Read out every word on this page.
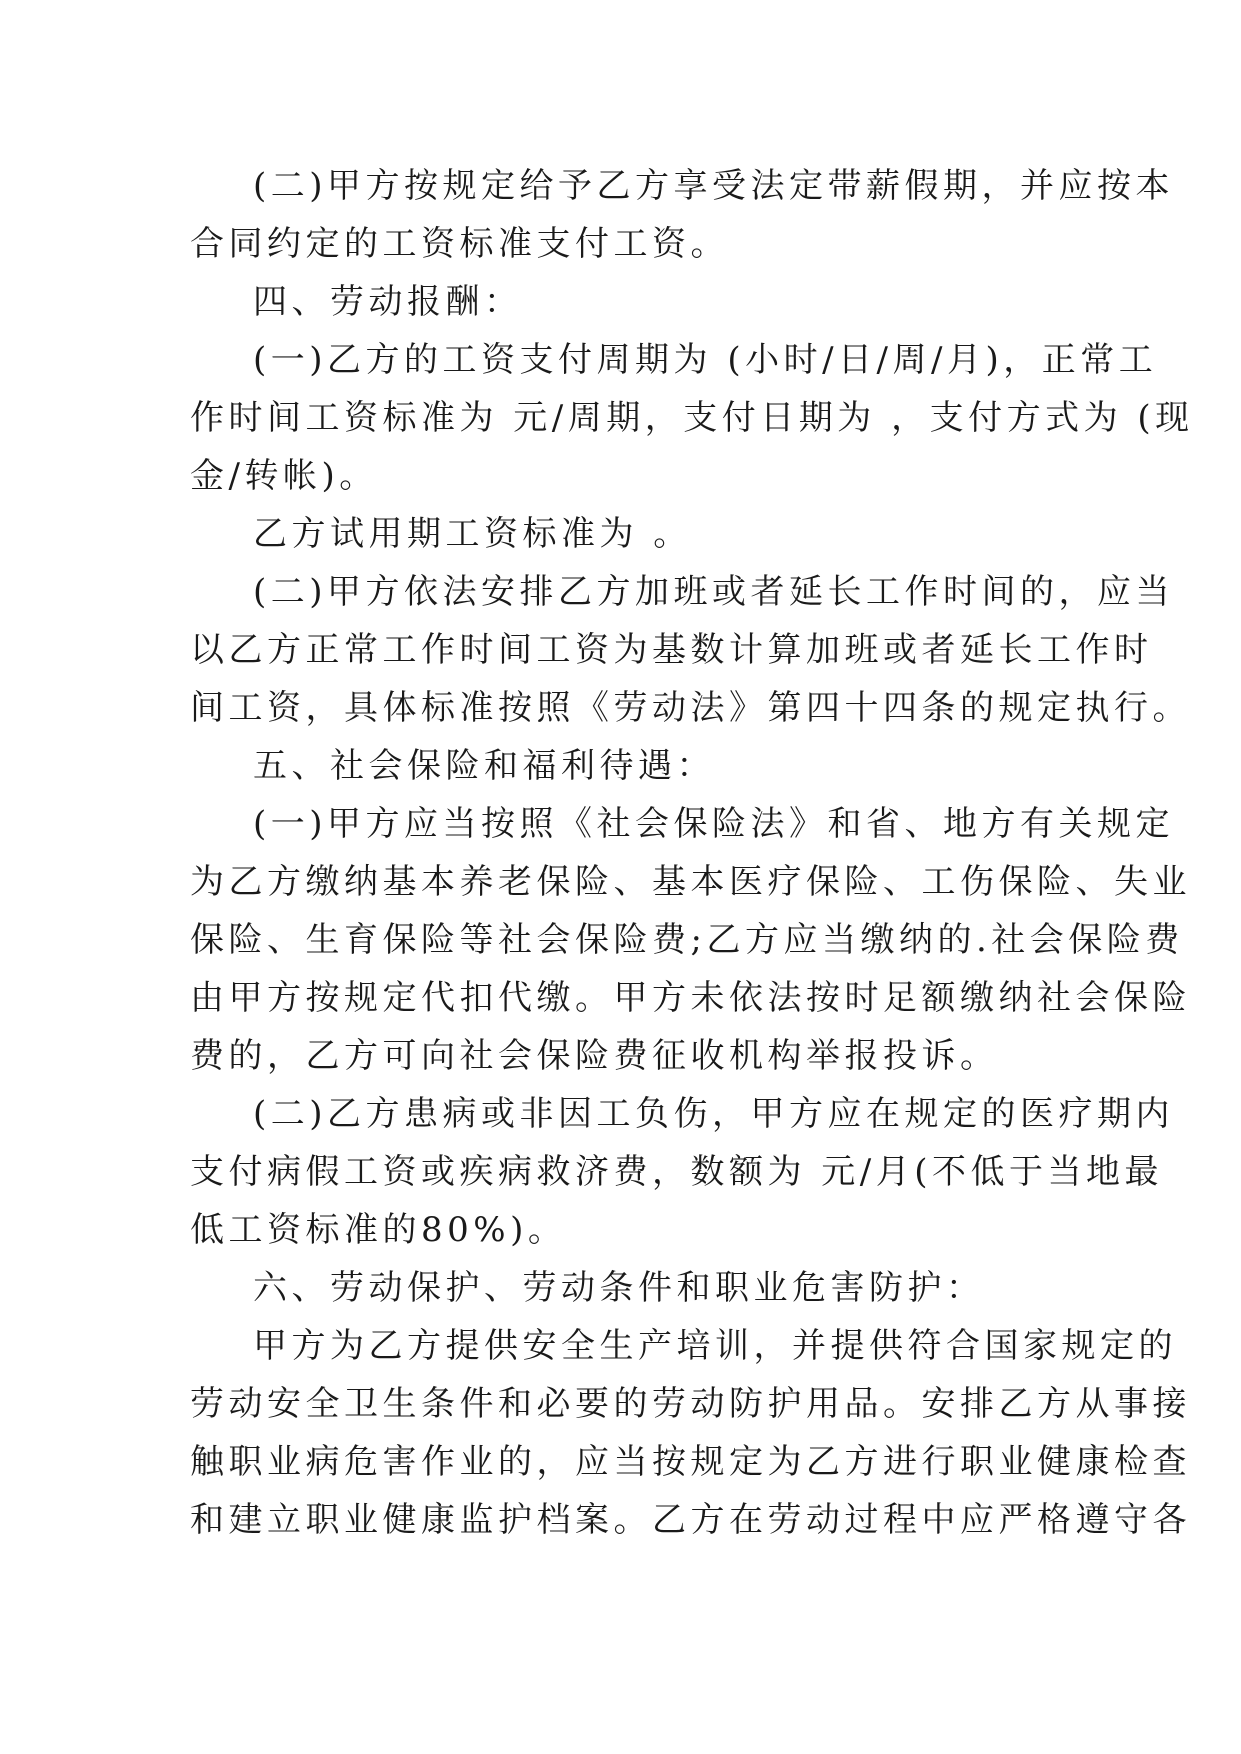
(二)甲方按规定给予乙方享受法定带薪假期，并应按本
合同约定的工资标准支付工资。
四、劳动报酬：
(一)乙方的工资支付周期为 (小时/日/周/月)，正常工
作时间工资标准为 元/周期，支付日期为 ，支付方式为 (现
金/转帐)。
乙方试用期工资标准为 。
(二)甲方依法安排乙方加班或者延长工作时间的，应当
以乙方正常工作时间工资为基数计算加班或者延长工作时
间工资，具体标准按照《劳动法》第四十四条的规定执行。
五、社会保险和福利待遇：
(一)甲方应当按照《社会保险法》和省、地方有关规定
为乙方缴纳基本养老保险、基本医疗保险、工伤保险、失业
保险、生育保险等社会保险费;乙方应当缴纳的.社会保险费
由甲方按规定代扣代缴。甲方未依法按时足额缴纳社会保险
费的，乙方可向社会保险费征收机构举报投诉。
(二)乙方患病或非因工负伤，甲方应在规定的医疗期内
支付病假工资或疾病救济费，数额为 元/月(不低于当地最
低工资标准的80%)。
六、劳动保护、劳动条件和职业危害防护：
甲方为乙方提供安全生产培训，并提供符合国家规定的
劳动安全卫生条件和必要的劳动防护用品。安排乙方从事接
触职业病危害作业的，应当按规定为乙方进行职业健康检查
和建立职业健康监护档案。乙方在劳动过程中应严格遵守各
